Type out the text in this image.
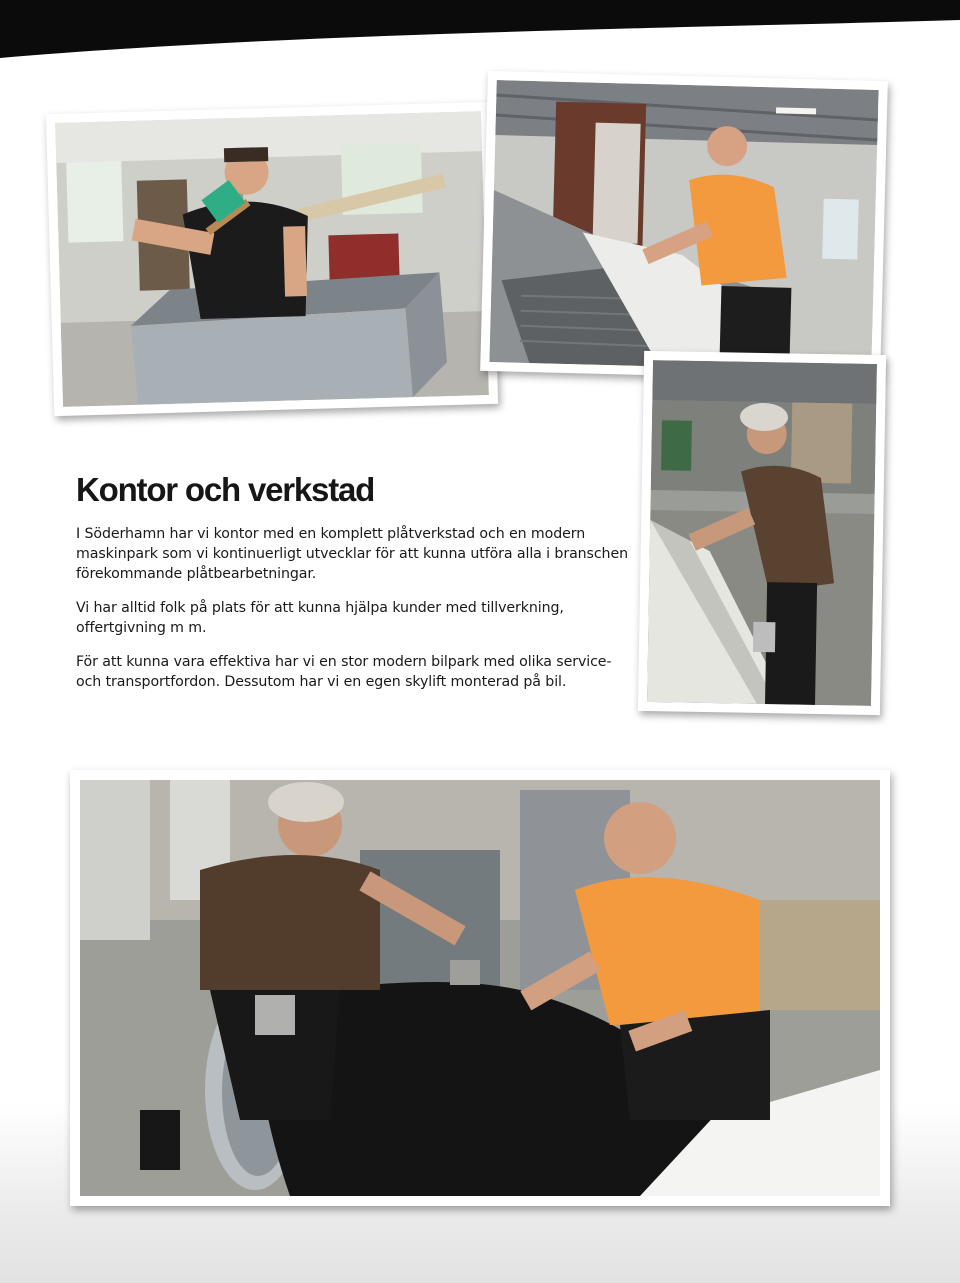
Kontor och verkstad

I Söderhamn har vi kontor med en komplett plåtverkstad och en modern maskinpark som vi kontinuerligt utvecklar för att kunna utföra alla i branschen förekommande plåtbearbetningar.

Vi har alltid folk på plats för att kunna hjälpa kunder med tillverkning, offertgivning m m.

För att kunna vara effektiva har vi en stor modern bilpark med olika service- och transportfordon. Dessutom har vi en egen skylift monterad på bil.
